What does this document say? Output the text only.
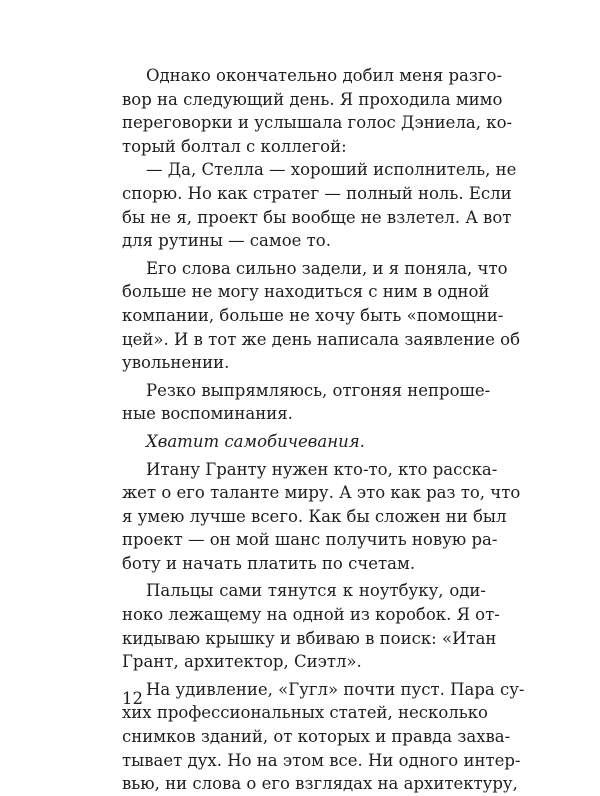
Однако окончательно добил меня разго-
вор на следующий день. Я проходила мимо
переговорки и услышала голос Дэниела, ко-
торый болтал с коллегой:
— Да, Стелла — хороший исполнитель, не
спорю. Но как стратег — полный ноль. Если
бы не я, проект бы вообще не взлетел. А вот
для рутины — самое то.
Его слова сильно задели, и я поняла, что
больше не могу находиться с ним в одной
компании, больше не хочу быть «помощни-
цей». И в тот же день написала заявление об
увольнении.
Резко выпрямляюсь, отгоняя непроше-
ные воспоминания.
Хватит самобичевания.
Итану Гранту нужен кто-то, кто расска-
жет о его таланте миру. А это как раз то, что
я умею лучше всего. Как бы сложен ни был
проект — он мой шанс получить новую ра-
боту и начать платить по счетам.
Пальцы сами тянутся к ноутбуку, оди-
ноко лежащему на одной из коробок. Я от-
кидываю крышку и вбиваю в поиск: «Итан
Грант, архитектор, Сиэтл».
На удивление, «Гугл» почти пуст. Пара су-
хих профессиональных статей, несколько
снимков зданий, от которых и правда захва-
тывает дух. Но на этом все. Ни одного интер-
вью, ни слова о его взглядах на архитектуру,
12
